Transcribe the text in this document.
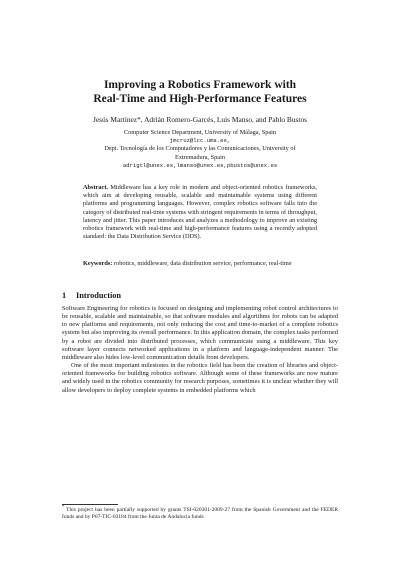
Improving a Robotics Framework with
Real-Time and High-Performance Features
Jesús Martínez*, Adrián Romero-Garcés, Luis Manso, and Pablo Bustos
Computer Science Department, University of Málaga, Spain
jmcruz@lcc.uma.es,
Dept. Tecnología de los Computadores y las Comunicaciones, University of
Extremadura, Spain
adrigtl@unex.es,lmanso@unex.es,pbustos@unex.es
Abstract. Middleware has a key role in modern and object-oriented robotics frameworks, which aim at developing reusable, scalable and maintainable systems using different platforms and programming languages. However, complex robotics software falls into the category of distributed real-time systems with stringent requirements in terms of throughput, latency and jitter. This paper introduces and analyzes a methodology to improve an existing robotics framework with real-time and high-performance features using a recently adopted standard: the Data Distribution Service (DDS).
Keywords: robotics, middleware, data distribution service, performance, real-time
1 Introduction

Software Engineering for robotics is focused on designing and implementing robot control architectures to be reusable, scalable and maintainable, so that software modules and algorithms for robots can be adapted to new platforms and requirements, not only reducing the cost and time-to-market of a complete robotics system but also improving its overall performance. In this application domain, the complex tasks performed by a robot are divided into distributed processes, which communicate using a middleware. This key software layer connects networked applications in a platform and language-independent manner. The middleware also hides low-level communication details from developers.

One of the most important milestones in the robotics field has been the creation of libraries and object-oriented frameworks for building robotics software. Although some of these frameworks are now mature and widely used in the robotics community for research purposes, sometimes it is unclear whether they will allow developers to deploy complete systems in embedded platforms which

* This project has been partially supported by grants TSI-020301-2009-27 from the Spanish Government and the FEDER funds and by P07-TIC-03184 from the Junta de Andalucía funds
